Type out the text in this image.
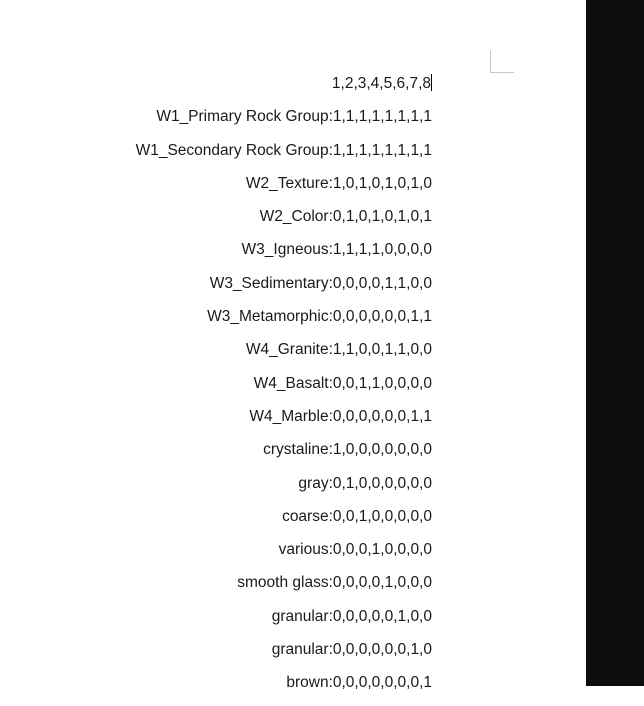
1,2,3,4,5,6,7,8
W1_Primary Rock Group:1,1,1,1,1,1,1,1
W1_Secondary Rock Group:1,1,1,1,1,1,1,1
W2_Texture:1,0,1,0,1,0,1,0
W2_Color:0,1,0,1,0,1,0,1
W3_Igneous:1,1,1,1,0,0,0,0
W3_Sedimentary:0,0,0,0,1,1,0,0
W3_Metamorphic:0,0,0,0,0,0,1,1
W4_Granite:1,1,0,0,1,1,0,0
W4_Basalt:0,0,1,1,0,0,0,0
W4_Marble:0,0,0,0,0,0,1,1
crystaline:1,0,0,0,0,0,0,0
gray:0,1,0,0,0,0,0,0
coarse:0,0,1,0,0,0,0,0
various:0,0,0,1,0,0,0,0
smooth glass:0,0,0,0,1,0,0,0
granular:0,0,0,0,0,1,0,0
granular:0,0,0,0,0,0,1,0
brown:0,0,0,0,0,0,0,1
